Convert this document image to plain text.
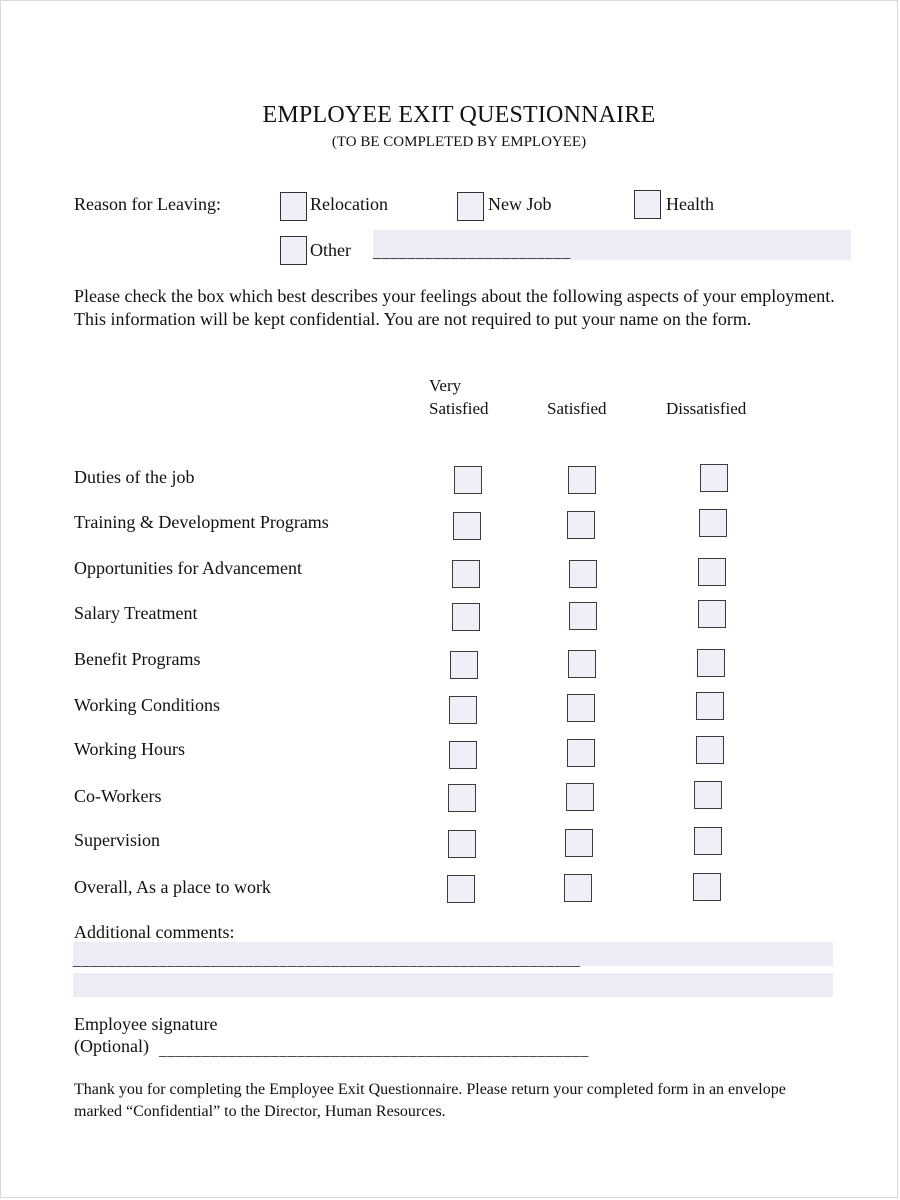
EMPLOYEE EXIT QUESTIONNAIRE
(TO BE COMPLETED BY EMPLOYEE)
Reason for Leaving:	Relocation	New Job	Health
Other _______________________
Please check the box which best describes your feelings about the following aspects of your employment. This information will be kept confidential. You are not required to put your name on the form.
Very
Satisfied	Satisfied	Dissatisfied
Duties of the job
Training & Development Programs
Opportunities for Advancement
Salary Treatment
Benefit Programs
Working Conditions
Working Hours
Co-Workers
Supervision
Overall, As a place to work
Additional comments:
___________________________________________________________
Employee signature
(Optional) __________________________________________________
Thank you for completing the Employee Exit Questionnaire. Please return your completed form in an envelope marked “Confidential” to the Director, Human Resources.
